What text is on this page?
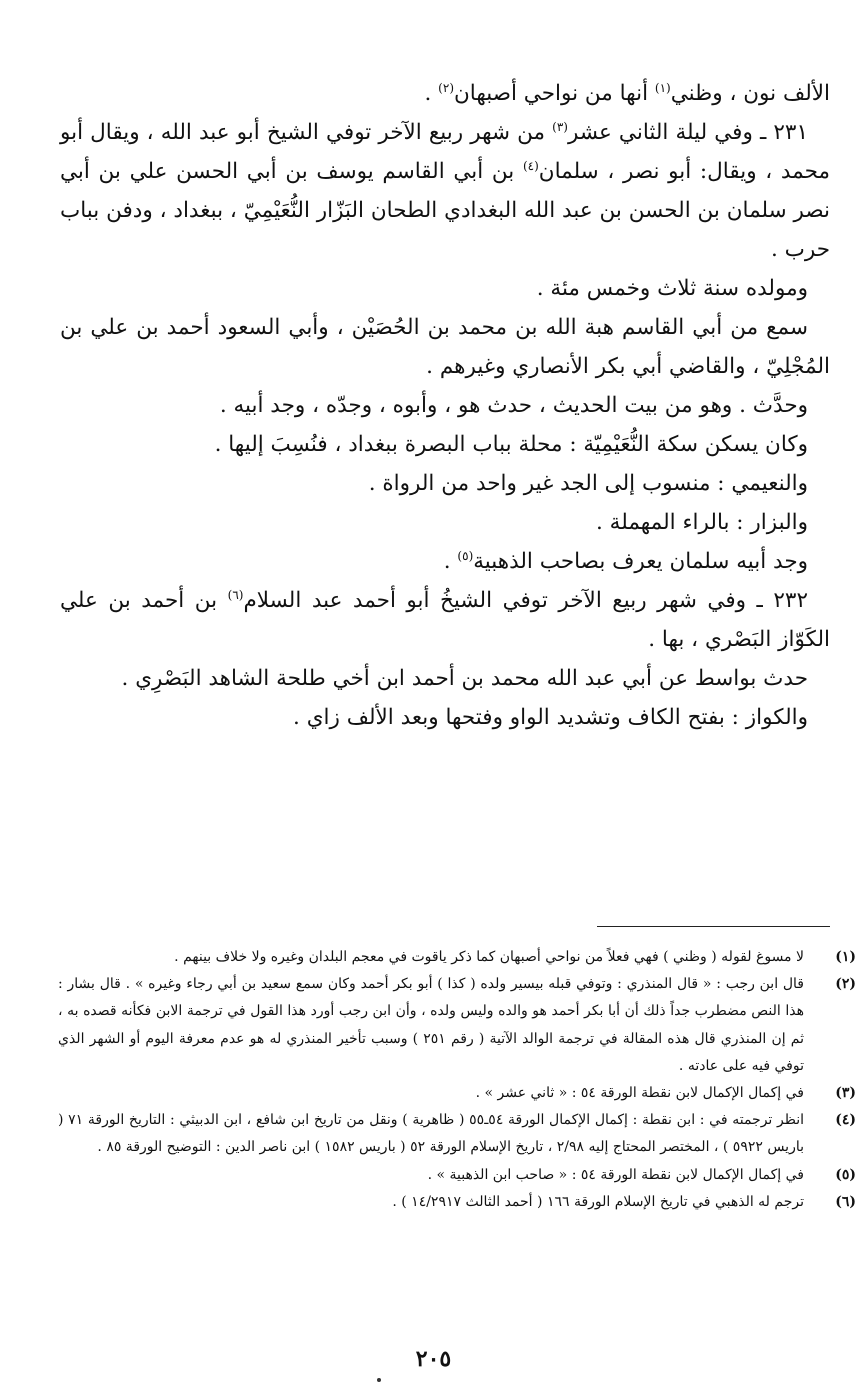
الألف نون ، وظني$^{(١)}$ أنها من نواحي أصبهان$^{(٢)}$ .

٢٣١ ـ وفي ليلة الثاني عشر$^{(٣)}$ من شهر ربيع الآخر توفي الشيخ أبو عبد الله ، ويقال أبو محمد ، ويقال: أبو نصر ، سلمان$^{(٤)}$ بن أبي القاسم يوسف بن أبي الحسن علي بن أبي نصر سلمان بن الحسن بن عبد الله البغدادي الطحان البَزّار النُّعَيْمِيّ ، ببغداد ، ودفن بباب حرب .

ومولده سنة ثلاث وخمس مئة .

سمع من أبي القاسم هبة الله بن محمد بن الحُصَيْن ، وأبي السعود أحمد بن علي بن المُجْلِيّ ، والقاضي أبي بكر الأنصاري وغيرهم .

وحدَّث . وهو من بيت الحديث ، حدث هو ، وأبوه ، وجدّه ، وجد أبيه .

وكان يسكن سكة النُّعَيْمِيّة : محلة بباب البصرة ببغداد ، فنُسِبَ إليها .

والنعيمي : منسوب إلى الجد غير واحد من الرواة .

والبزار : بالراء المهملة .

وجد أبيه سلمان يعرف بصاحب الذهبية$^{(٥)}$ .

٢٣٢ ـ وفي شهر ربيع الآخر توفي الشيخُ أبو أحمد عبد السلام$^{(٦)}$ بن أحمد بن علي الكَوّاز البَصْري ، بها .

حدث بواسط عن أبي عبد الله محمد بن أحمد ابن أخي طلحة الشاهد البَصْرِي .

والكواز : بفتح الكاف وتشديد الواو وفتحها وبعد الألف زاي .

(١)لا مسوغ لقوله ( وظني ) فهي فعلاً من نواحي أصبهان كما ذكر ياقوت في معجم البلدان وغيره ولا خلاف بينهم .

(٢)قال ابن رجب : « قال المنذري : وتوفي قبله بيسير ولده ( كذا ) أبو بكر أحمد وكان سمع سعيد بن أبي رجاء وغيره » . قال بشار : هذا النص مضطرب جداً ذلك أن أبا بكر أحمد هو والده وليس ولده ، وأن ابن رجب أورد هذا القول في ترجمة الابن فكأنه قصده به ، ثم إن المنذري قال هذه المقالة في ترجمة الوالد الآتية ( رقم ٢٥١ ) وسبب تأخير المنذري له هو عدم معرفة اليوم أو الشهر الذي توفي فيه على عادته .

(٣)في إكمال الإكمال لابن نقطة الورقة ٥٤ : « ثاني عشر » .

(٤)انظر ترجمته في : ابن نقطة : إكمال الإكمال الورقة ٥٤ـ٥٥ ( ظاهرية ) ونقل من تاريخ ابن شافع ، ابن الدبيثي : التاريخ الورقة ٧١ ( باريس ٥٩٢٢ ) ، المختصر المحتاج إليه ٢/٩٨ ، تاريخ الإسلام الورقة ٥٢ ( باريس ١٥٨٢ ) ابن ناصر الدين : التوضيح الورقة ٨٥ .

(٥)في إكمال الإكمال لابن نقطة الورقة ٥٤ : « صاحب ابن الذهبية » .

(٦)ترجم له الذهبي في تاريخ الإسلام الورقة ١٦٦ ( أحمد الثالث ١٤/٢٩١٧ ) .

٢٠٥
